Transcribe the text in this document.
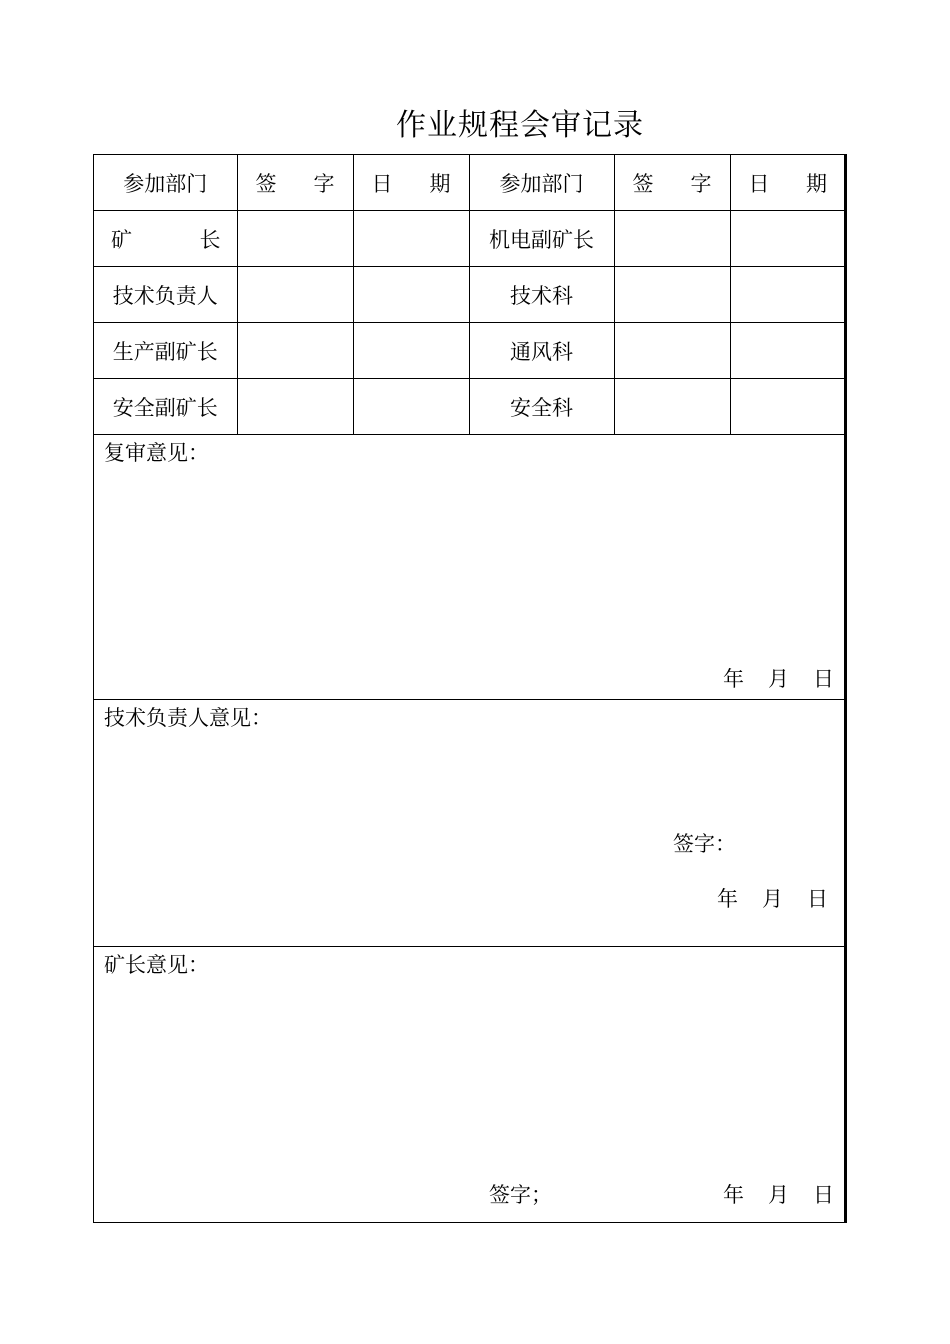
作业规程会审记录
参加部门	签 字	日 期	参加部门	签 字	日 期

矿 长			机电副矿长		
技术负责人			技术科		
生产副矿长			通风科		
安全副矿长			安全科		
复审意见：
年 月 日
技术负责人意见：
签字：
年 月 日
矿长意见：
签字；	年 月 日
